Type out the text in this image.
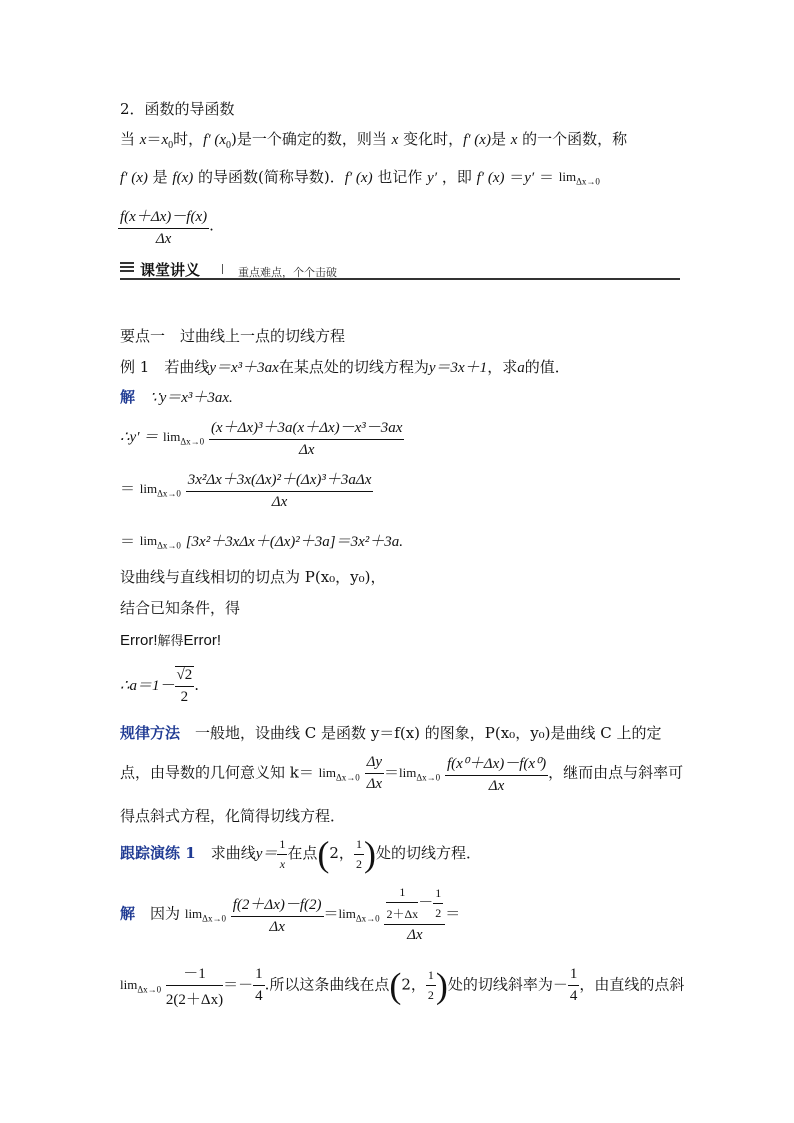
2．函数的导函数
当 $x=x_0$时，f′ $(x_0)$是一个确定的数，则当 x 变化时，f′ (x)是 x 的一个函数，称
f′ (x) 是 f(x) 的导函数(简称导数)．f′ (x) 也记作 y′ ，即 f′ $(x) =y' = \lim_{\Delta x\to 0}$
$\frac{f(x+\Delta x)-f(x)}{\Delta x}$ .
课堂讲义	重点难点，个个击破
要点一　过曲线上一点的切线方程
例 1　 若曲线y＝x³＋3ax在某点处的切线方程为y＝3x＋1，求a的值．
解　 ∵y＝x³＋3ax.
∴y′ ＝ $\lim_{\Delta x\to 0} \frac{\text{(x＋Δx)³＋3a(x＋Δx)－x³－3ax}}{\Delta x}$
＝ $\lim_{\Delta x\to 0} \frac{\text{3x²Δx＋3x(Δx)²＋(Δx)³＋3aΔx}}{\Delta x}$
＝ $\lim_{\Delta x\to 0} [3x^2+3x\Delta x+(\Delta x)^2+3a]=3x^2+3a$.
设曲线与直线相切的切点为 P(x₀，y₀)，
结合已知条件，得
Error!解得Error!
∴a＝1－ $\frac{√2}{2}$ .
规律方法　 一般地，设曲线 C 是函数 y＝f(x) 的图象，P(x₀，y₀)是曲线 C 上的定
点，由导数的几何意义知 $k= \lim_{\Delta x\to 0} \frac{\Delta y}{\Delta x} =\lim_{\Delta x\to 0} \frac{\text{f(x⁰＋Δx)－f(x⁰)}}{\Delta x}$ ，继而由点与斜率可
得点斜式方程，化简得切线方程．
跟踪演练 1　 求曲线$y= \frac{1}{x}$ 在点(2， $\frac{1}{2}$ )处的切线方程．
解　 因为 $\lim_{\Delta x\to 0} \frac{f(2+\Delta x)-f(2)}{\Delta x} =\lim_{\Delta x\to 0} \frac{\frac{1}{2+\Delta x} - \frac{1}{2}}{\Delta x}$ ＝
$\lim_{\Delta x\to 0} \frac{-1}{2(2+\Delta x)} =- \frac{1}{4}$ .所以这条曲线在点(2， $\frac{1}{2}$ )处的切线斜率为－ $\frac{1}{4}$ ，由直线的点斜
